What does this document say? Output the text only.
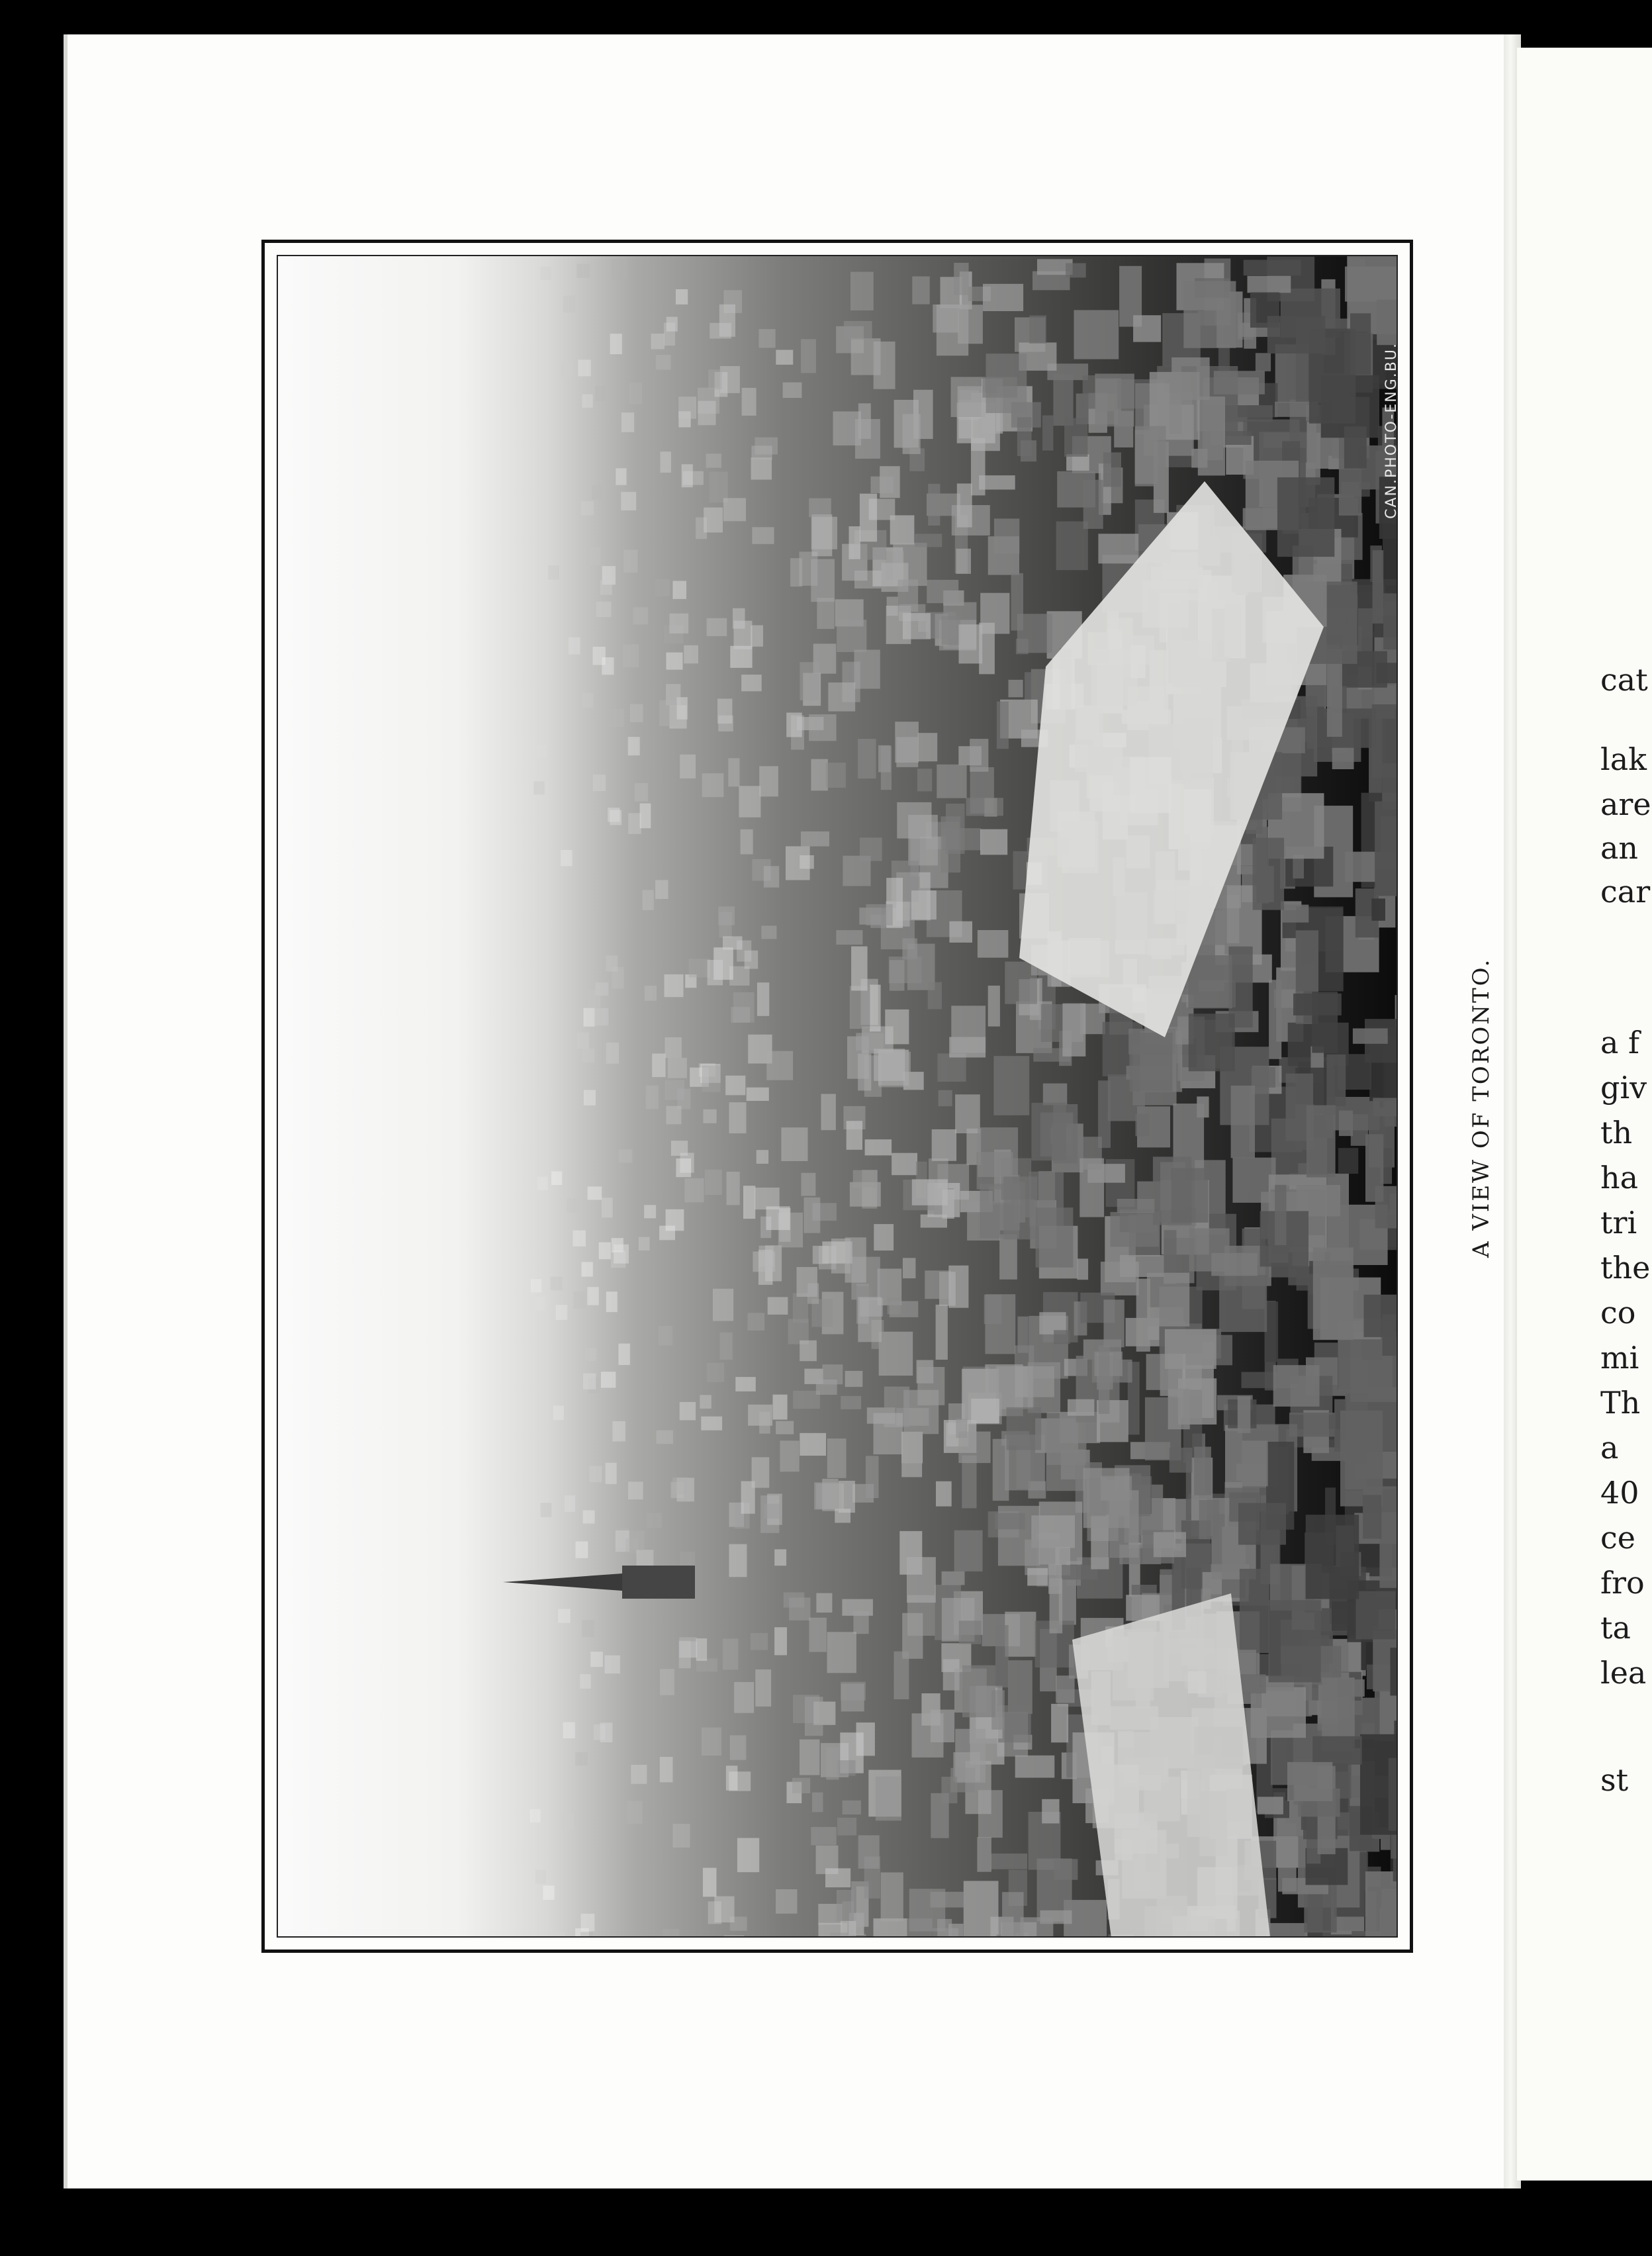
CAN.PHOTO-ENG.BU.
A VIEW OF TORONTO.
cat
lak
are
an
car
a f
giv
th
ha
tri
the
co
mi
Th
a
40
ce
fro
ta
lea
st
